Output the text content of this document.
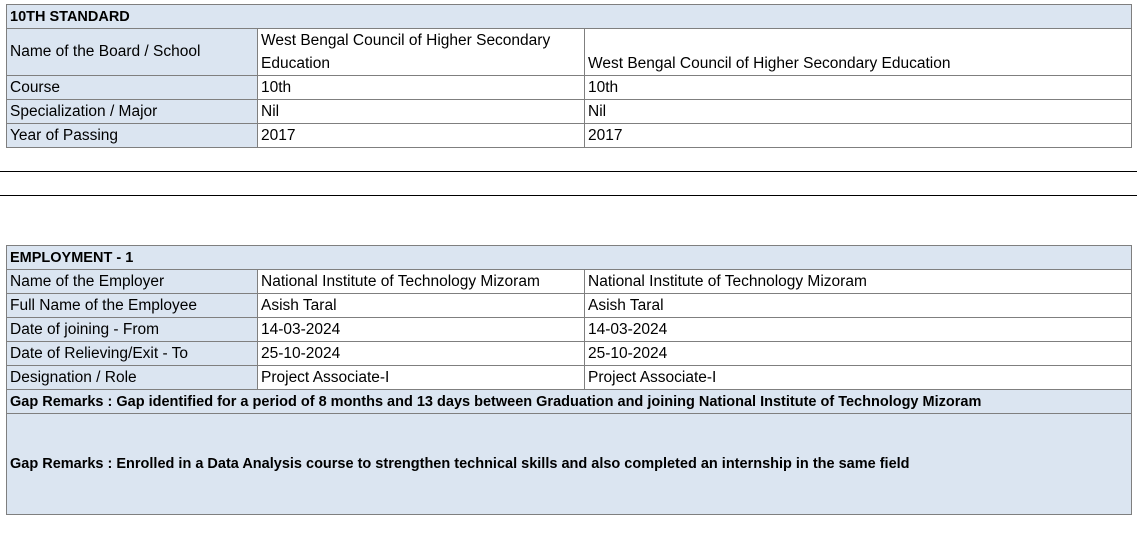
10TH STANDARD		
Name of the Board / School	West Bengal Council of Higher Secondary Education	West Bengal Council of Higher Secondary Education
Course	10th	10th
Specialization / Major	Nil	Nil
Year of Passing	2017	2017
EMPLOYMENT - 1		
Name of the Employer	National Institute of Technology Mizoram	National Institute of Technology Mizoram
Full Name of the Employee	Asish Taral	Asish Taral
Date of joining - From	14-03-2024	14-03-2024
Date of Relieving/Exit - To	25-10-2024	25-10-2024
Designation / Role	Project Associate-I	Project Associate-I
Gap Remarks : Gap identified for a period of 8 months and 13 days between Graduation and joining National Institute of Technology Mizoram		
Gap Remarks : Enrolled in a Data Analysis course to strengthen technical skills and also completed an internship in the same field		
